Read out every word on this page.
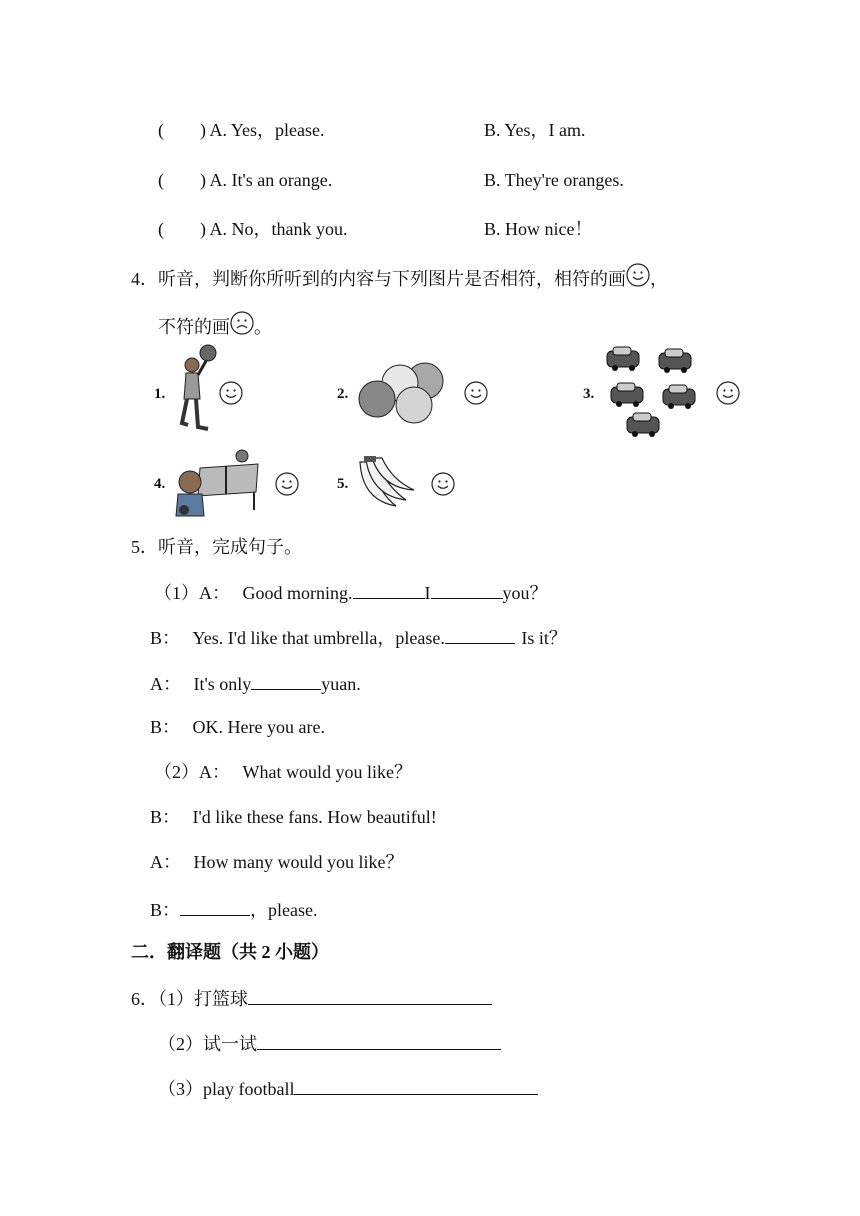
(　　) A. Yes，please.	B. Yes，I am.
(　　) A. It's an orange.	B. They're oranges.
(　　) A. No，thank you.	B. How nice！
4．听音，判断你所听到的内容与下列图片是否相符，相符的画 ，
不符的画 。
1.	2.	3.
4.	5.
5．听音，完成句子。
（1）A： Good morning.	I	you？
B： Yes. I'd like that umbrella，please.	Is it？
A： It's only	yuan.
B： OK. Here you are.
（2）A： What would you like？
B： I'd like these fans. How beautiful!
A： How many would you like？
B：	，please.
二．翻译题（共 2 小题）
6．（1）打篮球
（2）试一试
（3）play football
